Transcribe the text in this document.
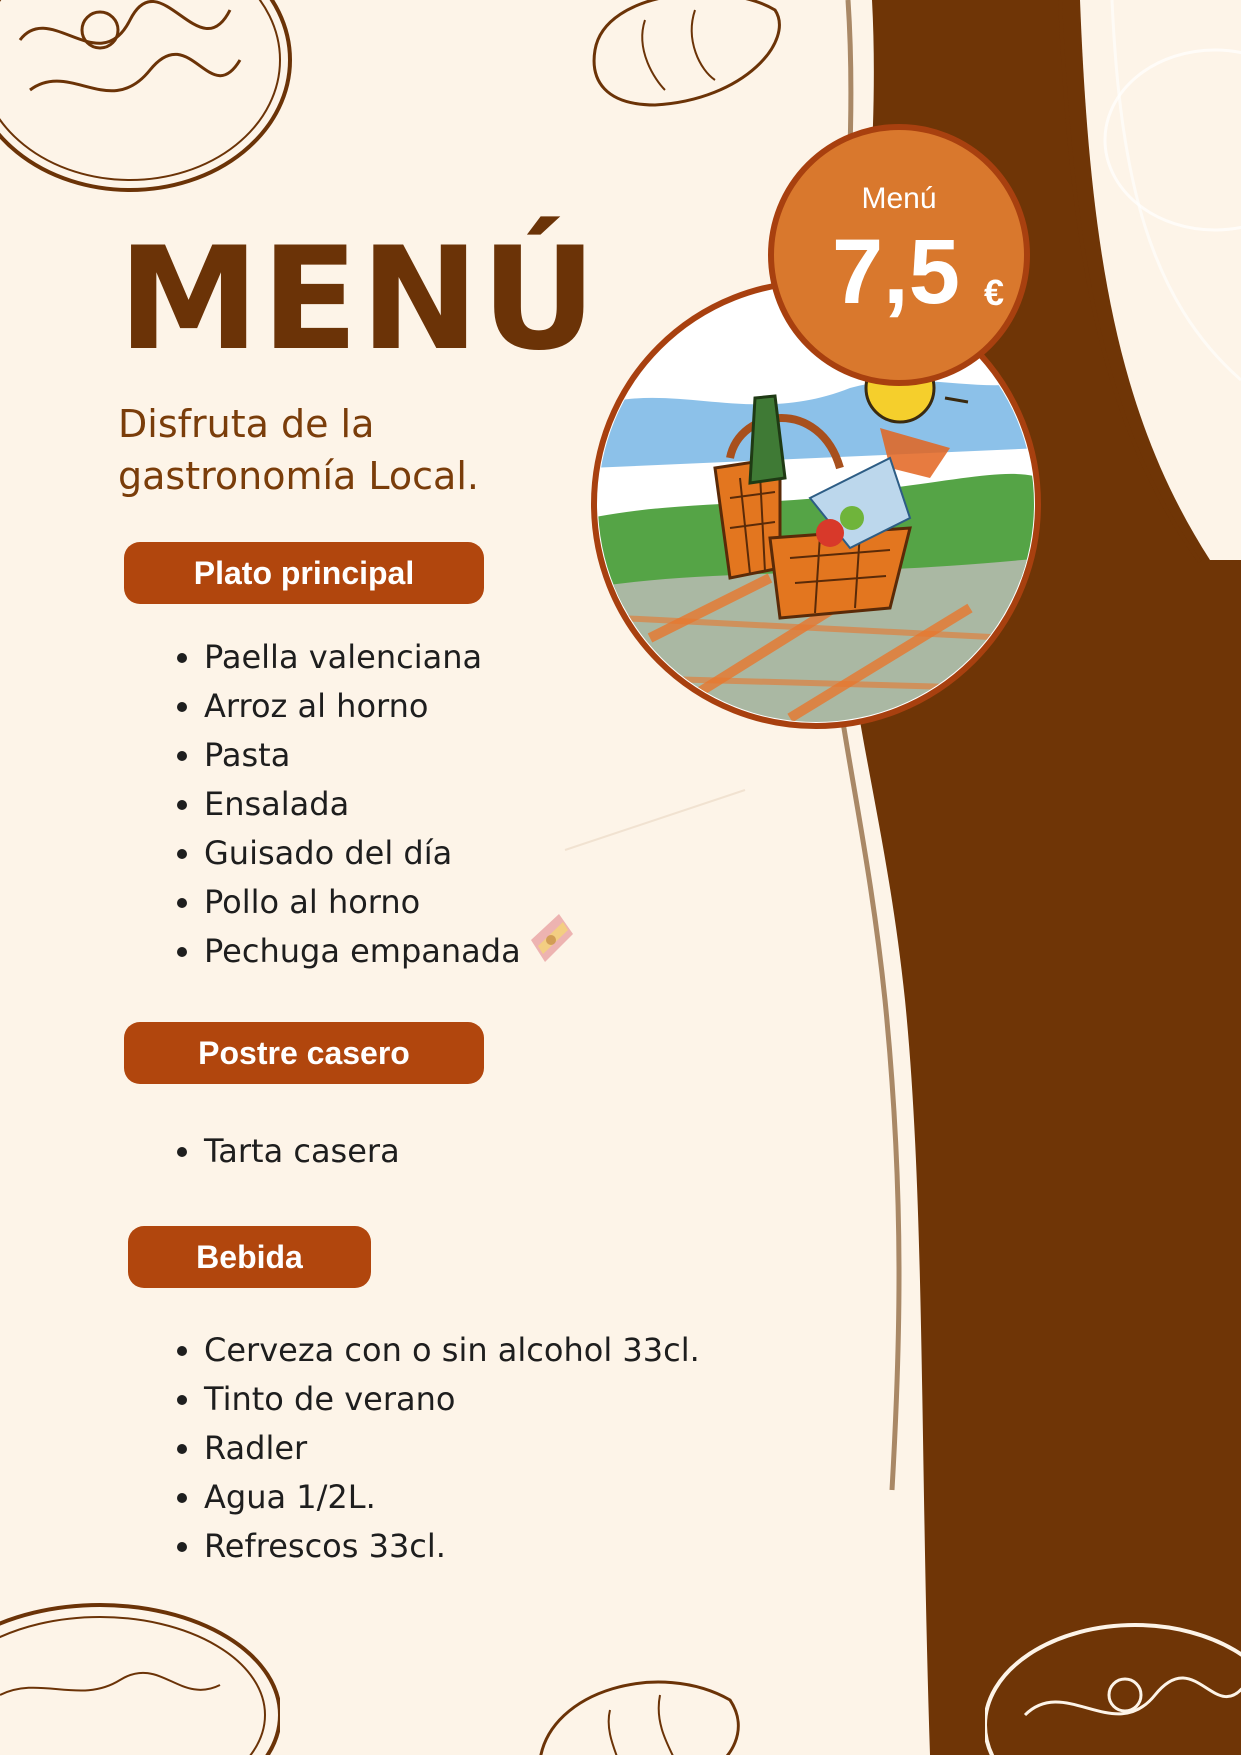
MENÚ

Disfruta de la gastronomía Local.

Plato principal
• Paella valenciana
• Arroz al horno
• Pasta
• Ensalada
• Guisado del día
• Pollo al horno
• Pechuga empanada
Postre casero
• Tarta casera
Bebida
• Cerveza con o sin alcohol 33cl.
• Tinto de verano
• Radler
• Agua 1/2L.
• Refrescos 33cl.
Menú
7,5 €
